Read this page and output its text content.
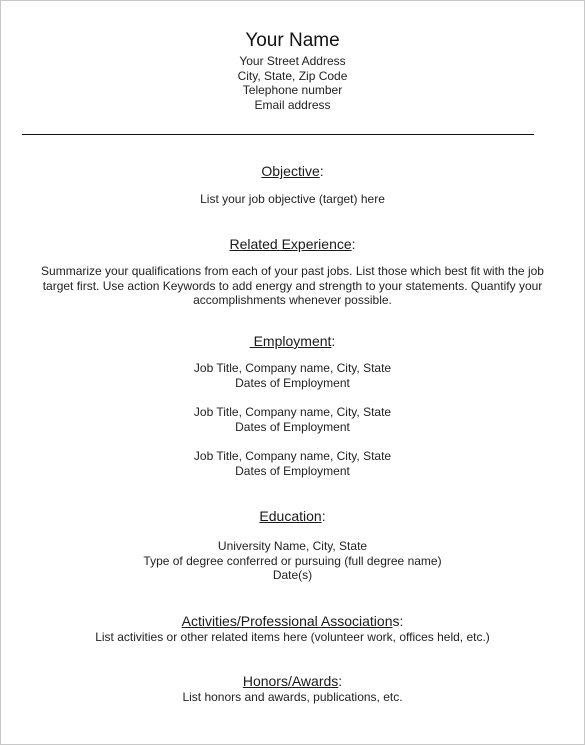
Your Name
Your Street Address
City, State, Zip Code
Telephone number
Email address
Objective:
List your job objective (target) here
Related Experience:
Summarize your qualifications from each of your past jobs. List those which best fit with the job target first. Use action Keywords to add energy and strength to your statements. Quantify your accomplishments whenever possible.
Employment:
Job Title, Company name, City, State
Dates of Employment
Job Title, Company name, City, State
Dates of Employment
Job Title, Company name, City, State
Dates of Employment
Education:
University Name, City, State
Type of degree conferred or pursuing (full degree name)
Date(s)
Activities/Professional Associations:
List activities or other related items here (volunteer work, offices held, etc.)
Honors/Awards:
List honors and awards, publications, etc.
